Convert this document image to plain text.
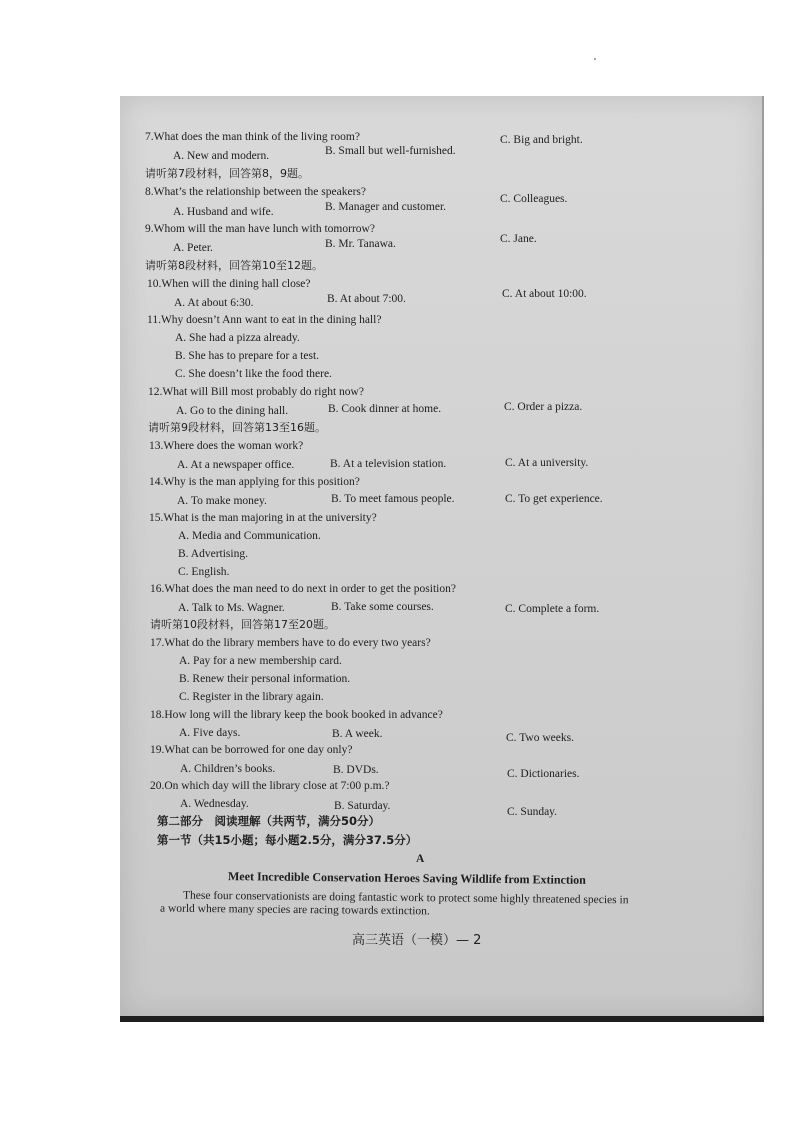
7.What does the man think of the living room?
A. New and modern.	B. Small but well-furnished.
C. Big and bright.
请听第7段材料，回答第8，9题。
8.What’s the relationship between the speakers?
A. Husband and wife.	B. Manager and customer.
C. Colleagues.
9.Whom will the man have lunch with tomorrow?
A. Peter.	B. Mr. Tanawa.	C. Jane.
请听第8段材料，回答第10至12题。
10.When will the dining hall close?
A. At about 6:30.	B. At about 7:00.	C. At about 10:00.
11.Why doesn’t Ann want to eat in the dining hall?
A. She had a pizza already.
B. She has to prepare for a test.
C. She doesn’t like the food there.
12.What will Bill most probably do right now?
A. Go to the dining hall.	B. Cook dinner at home.	C. Order a pizza.
请听第9段材料，回答第13至16题。
13.Where does the woman work?
A. At a newspaper office.	B. At a television station.	C. At a university.
14.Why is the man applying for this position?
A. To make money.	B. To meet famous people.	C. To get experience.
15.What is the man majoring in at the university?
A. Media and Communication.
B. Advertising.
C. English.
16.What does the man need to do next in order to get the position?
A. Talk to Ms. Wagner.	B. Take some courses.	C. Complete a form.
请听第10段材料，回答第17至20题。
17.What do the library members have to do every two years?
A. Pay for a new membership card.
B. Renew their personal information.
C. Register in the library again.
18.How long will the library keep the book booked in advance?
A. Five days.	B. A week.	C. Two weeks.
19.What can be borrowed for one day only?
A. Children’s books.	B. DVDs.	C. Dictionaries.
20.On which day will the library close at 7:00 p.m.?
A. Wednesday.	B. Saturday.	C. Sunday.
第二部分　阅读理解（共两节，满分50分）
第一节（共15小题；每小题2.5分，满分37.5分）
A
Meet Incredible Conservation Heroes Saving Wildlife from Extinction
These four conservationists are doing fantastic work to protect some highly threatened species in
a world where many species are racing towards extinction.
高三英语（一模）— 2
